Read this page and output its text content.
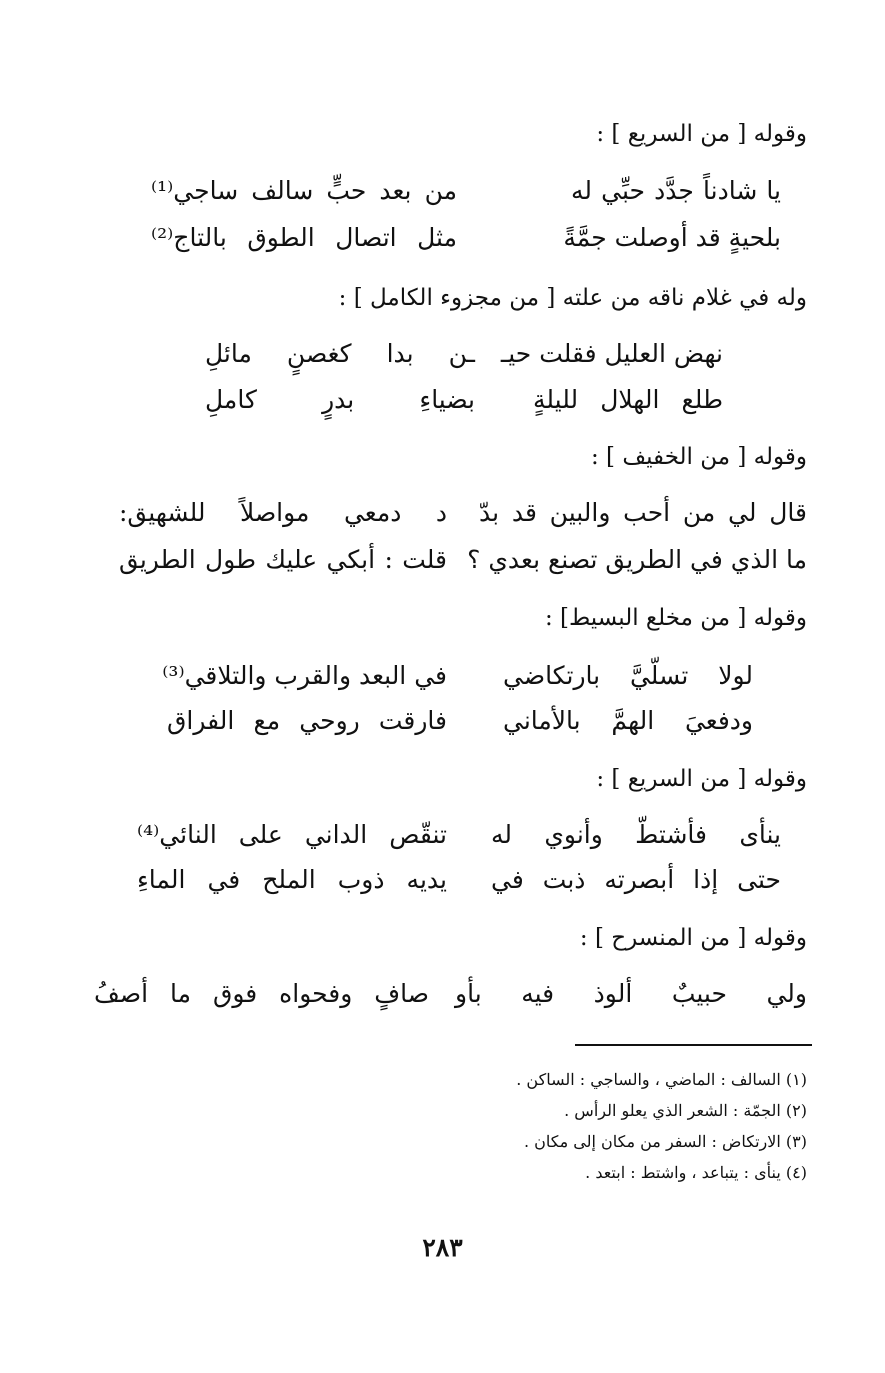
وقوله [ من السريع ] :
يا شادناً جدَّد حبِّي له
من بعد حبٍّ سالف ساجي⁽¹⁾
بلحيةٍ قد أوصلت جمَّةً
مثل اتصال الطوق بالتاج⁽²⁾
وله في غلام ناقه من علته [ من مجزوء الكامل ] :
نهض العليل فقلت حيـ
ـن بدا كغصنٍ مائلِ
طلع الهلال لليلةٍ
بضياءِ بدرٍ كاملِ
وقوله [ من الخفيف ] :
قال لي من أحب والبين قد بدّ
د دمعي مواصلاً للشهيق:
ما الذي في الطريق تصنع بعدي ؟
قلت : أبكي عليك طول الطريق
وقوله [ من مخلع البسيط] :
لولا تسلّيَّ بارتكاضي
في البعد والقرب والتلاقي⁽³⁾
ودفعيَ الهمَّ بالأماني
فارقت روحي مع الفراق
وقوله [ من السريع ] :
ينأى فأشتطّ وأنوي له
تنقّص الداني على النائي⁽⁴⁾
حتى إذا أبصرته ذبت في
يديه ذوب الملح في الماءِ
وقوله [ من المنسرح ] :
ولي حبيبٌ ألوذ فيه بأو
صافٍ وفحواه فوق ما أصفُ
(١) السالف : الماضي ، والساجي : الساكن .
(٢) الجمّة : الشعر الذي يعلو الرأس .
(٣) الارتكاض : السفر من مكان إلى مكان .
(٤) ينأى : يتباعد ، واشتط : ابتعد .
٢٨٣
